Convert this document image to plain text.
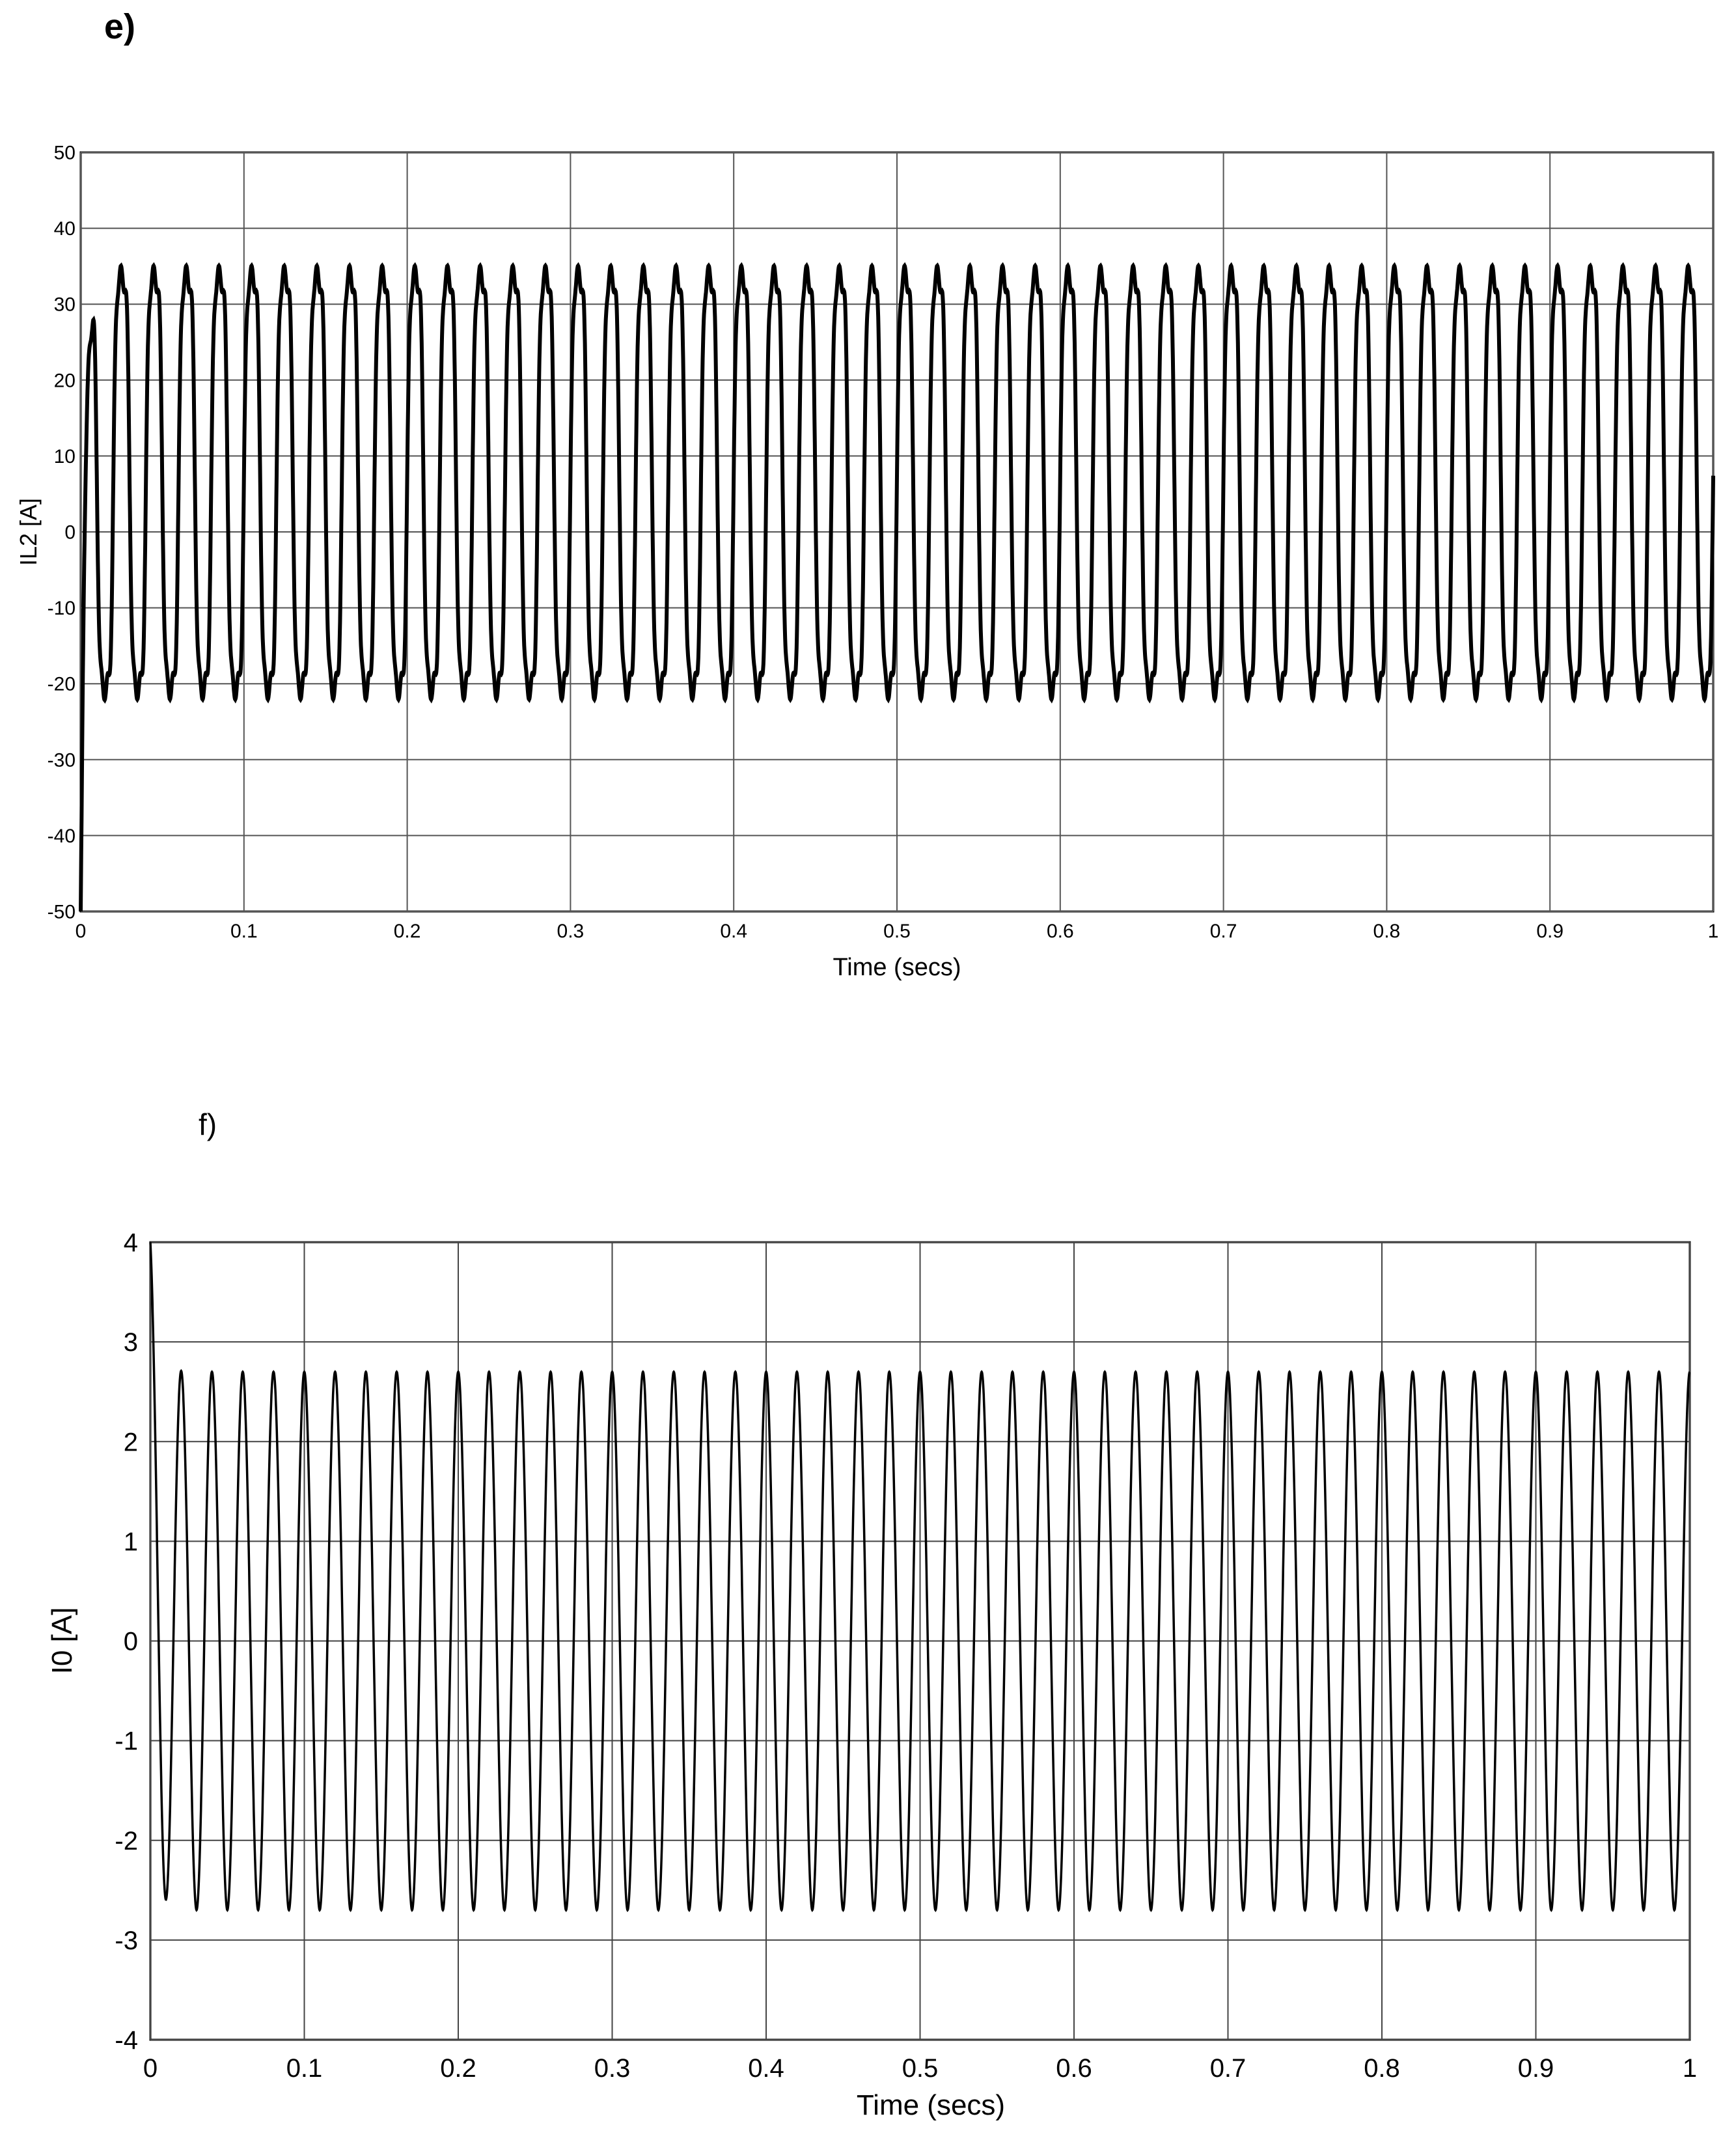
e)
f)
0	0.1	0.2	0.3	0.4	0.5	0.6	0.7	0.8	0.9	1
-50
-40
-30
-20
-10
0
10
20
30
40
50
Time (secs)
IL2 [A]
0	0.1	0.2	0.3	0.4	0.5	0.6	0.7	0.8	0.9	1
-4
-3
-2
-1
0
1
2
3
4
Time (secs)
I0 [A]
